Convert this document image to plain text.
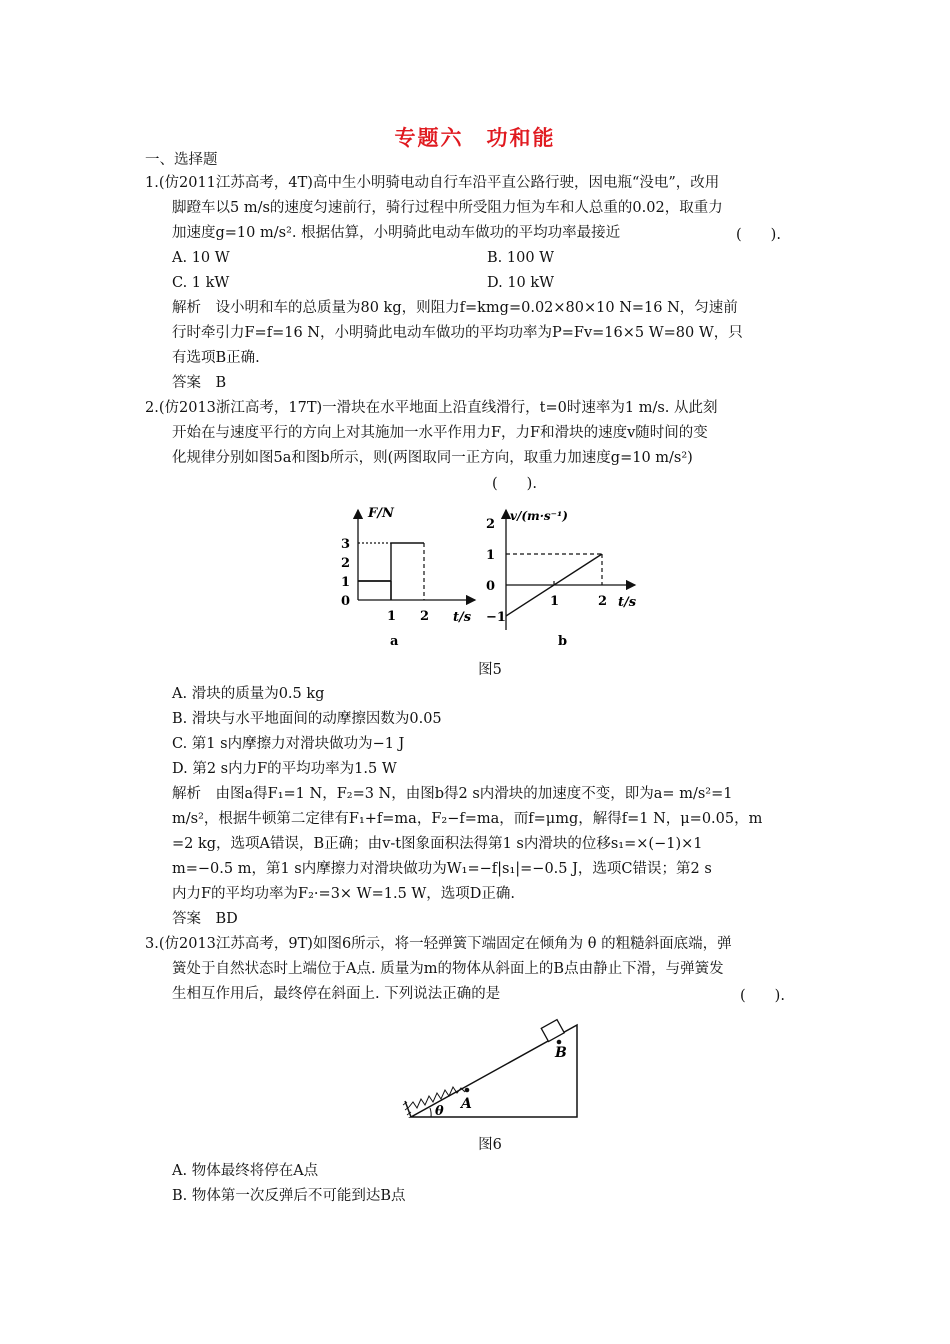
专题六　功和能
一、选择题
1.(仿2011江苏高考，4T)高中生小明骑电动自行车沿平直公路行驶，因电瓶“没电”，改用
脚蹬车以5 m/s的速度匀速前行，骑行过程中所受阻力恒为车和人总重的0.02，取重力
加速度g=10 m/s². 根据估算，小明骑此电动车做功的平均功率最接近	(　　).
A. 10 W	B. 100 W
C. 1 kW	D. 10 kW
解析　设小明和车的总质量为80 kg，则阻力f=kmg=0.02×80×10 N=16 N，匀速前
行时牵引力F=f=16 N，小明骑此电动车做功的平均功率为P=Fv=16×5 W=80 W，只
有选项B正确.
答案　B
2.(仿2013浙江高考，17T)一滑块在水平地面上沿直线滑行，t=0时速率为1 m/s. 从此刻
开始在与速度平行的方向上对其施加一水平作用力F，力F和滑块的速度v随时间的变
化规律分别如图5a和图b所示，则(两图取同一正方向，取重力加速度g=10 m/s²)
(　　).
F/N
t/s
a
3
2
1
0
1 2
v/(m·s⁻¹)
t/s
b
2
1
0
−1
1	2
图5
A. 滑块的质量为0.5 kg
B. 滑块与水平地面间的动摩擦因数为0.05
C. 第1 s内摩擦力对滑块做功为−1 J
D. 第2 s内力F的平均功率为1.5 W
解析　由图a得F₁=1 N，F₂=3 N，由图b得2 s内滑块的加速度不变，即为a= m/s²=1
m/s²，根据牛顿第二定律有F₁+f=ma，F₂−f=ma，而f=μmg，解得f=1 N，μ=0.05，m
=2 kg，选项A错误，B正确；由v-t图象面积法得第1 s内滑块的位移s₁=×(−1)×1
m=−0.5 m，第1 s内摩擦力对滑块做功为W₁=−f|s₁|=−0.5 J，选项C错误；第2 s
内力F的平均功率为F₂·=3× W=1.5 W，选项D正确.
答案　BD
3.(仿2013江苏高考，9T)如图6所示，将一轻弹簧下端固定在倾角为 θ 的粗糙斜面底端，弹
簧处于自然状态时上端位于A点. 质量为m的物体从斜面上的B点由静止下滑，与弹簧发
生相互作用后，最终停在斜面上. 下列说法正确的是	(　　).
A
θ
B
图6
A. 物体最终将停在A点
B. 物体第一次反弹后不可能到达B点
